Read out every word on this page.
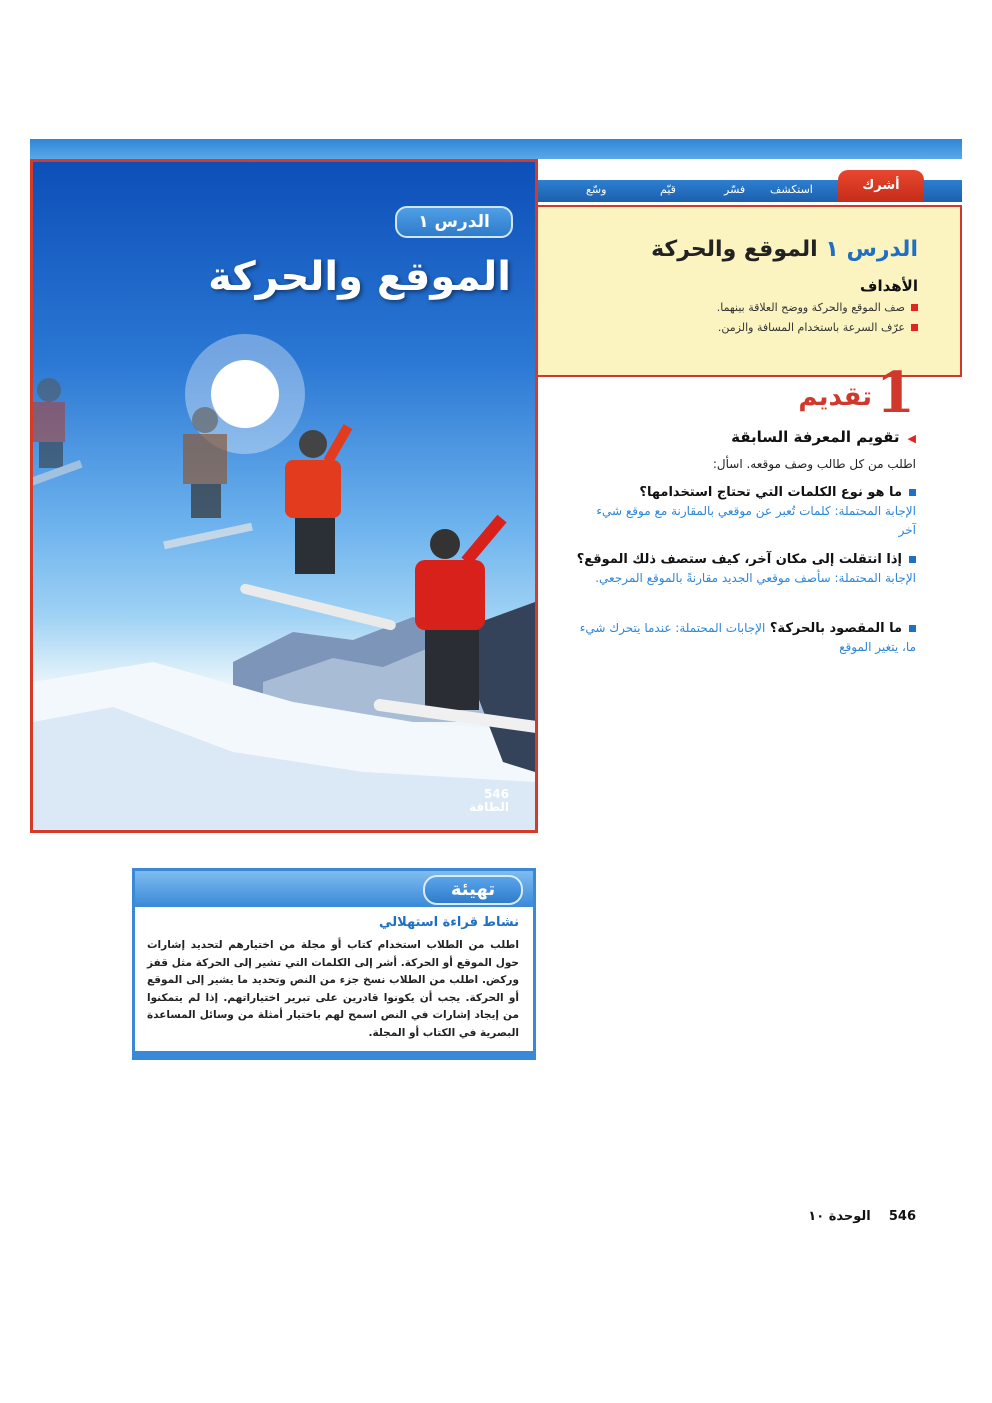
الدرس ١
الموقع والحركة
546
الطاقة
استكشف
فسّر
قيّم
وسّع	أشرك
الدرس ١ الموقع والحركة
الأهداف
صف الموقع والحركة ووضح العلاقة بينهما.
عرّف السرعة باستخدام المسافة والزمن.
1
تقديم
◀تقويم المعرفة السابقة
اطلب من كل طالب وصف موقعه. اسأل:
ما هو نوع الكلمات التي تحتاج استخدامها؟
الإجابة المحتملة: كلمات تُعبر عن موقعي بالمقارنة مع موقع شيء آخر
إذا انتقلت إلى مكان آخر، كيف ستصف ذلك الموقع؟ الإجابة المحتملة: سأصف موقعي الجديد مقارنةً بالموقع المرجعي.
ما المقصود بالحركة؟ الإجابات المحتملة: عندما يتحرك شيء ما، يتغير الموقع
تهيئة
نشاط قراءة استهلالي
اطلب من الطلاب استخدام كتاب أو مجلة من اختيارهم لتحديد إشارات حول الموقع أو الحركة. أشر إلى الكلمات التي تشير إلى الحركة مثل قفز وركض. اطلب من الطلاب نسخ جزء من النص وتحديد ما يشير إلى الموقع أو الحركة. يجب أن يكونوا قادرين على تبرير اختياراتهم. إذا لم يتمكنوا من إيجاد إشارات في النص اسمح لهم باختيار أمثلة من وسائل المساعدة البصرية في الكتاب أو المجلة.
546    الوحدة ١٠
